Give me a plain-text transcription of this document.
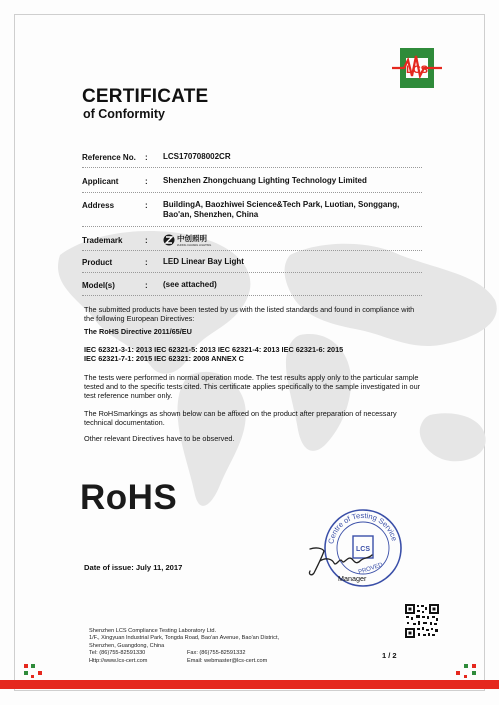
LCS
CERTIFICATE
of Conformity
Reference No. : LCS170708002CR
Applicant	: Shenzhen Zhongchuang Lighting Technology Limited
Address	: BuildingA, Baozhiwei Science&Tech Park, Luotian, Songgang,
Bao'an, Shenzhen, China
Trademark	:	中创照明
ZHONG CHUANG LIGHTING
Product	: LED Linear Bay Light
Model(s)	: (see attached)
The submitted products have been tested by us with the listed standards and found in compliance with the following European Directives:
The RoHS Directive 2011/65/EU
IEC 62321-3-1: 2013 IEC 62321-5: 2013 IEC 62321-4: 2013 IEC 62321-6: 2015
IEC 62321-7-1: 2015 IEC 62321: 2008 ANNEX C
The tests were performed in normal operation mode. The test results apply only to the particular sample tested and to the specific tests cited. This certificate applies specifically to the sample investigated in our test reference number only.
The RoHSmarkings as shown below can be affixed on the product after preparation of necessary technical documentation.
Other relevant Directives have to be observed.
RoHS
Date of issue: July 11, 2017
Centre of Testing Service
LCS
PROVED
Manager
Shenzhen LCS Compliance Testing Laboratory Ltd.
1/F., Xingyuan Industrial Park, Tongda Road, Bao'an Avenue, Bao'an District,
Shenzhen, Guangdong, China
Tel: (86)755-82591330	Fax: (86)755-82591332
Http://www.lcs-cert.com	Email: webmaster@lcs-cert.com
1 / 2
